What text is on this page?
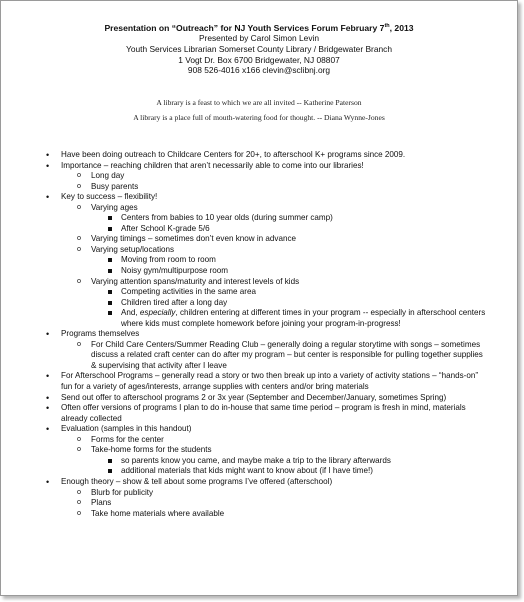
Presentation on “Outreach” for NJ Youth Services Forum February 7th, 2013
Presented by Carol Simon Levin
Youth Services Librarian Somerset County Library / Bridgewater Branch
1 Vogt Dr. Box 6700 Bridgewater, NJ 08807
908 526-4016 x166 clevin@sclibnj.org
A library is a feast to which we are all invited -- Katherine Paterson
A library is a place full of mouth-watering food for thought. -- Diana Wynne-Jones
• Have been doing outreach to Childcare Centers for 20+, to afterschool K+ programs since 2009.
• Importance – reaching children that aren’t necessarily able to come into our libraries!
o Long day
o Busy parents
• Key to success – flexibility!
o Varying ages
Centers from babies to 10 year olds (during summer camp)
After School K-grade 5/6
o Varying timings – sometimes don’t even know in advance
o Varying setup/locations
Moving from room to room
Noisy gym/multipurpose room
o Varying attention spans/maturity and interest levels of kids
Competing activities in the same area
Children tired after a long day
And, especially, children entering at different times in your program -- especially in afterschool centers where kids must complete homework before joining your program-in-progress!
• Programs themselves
o For Child Care Centers/Summer Reading Club – generally doing a regular storytime with songs – sometimes discuss a related craft center can do after my program – but center is responsible for pulling together supplies & supervising that activity after I leave
• For Afterschool Programs – generally read a story or two then break up into a variety of activity stations – “hands-on” fun for a variety of ages/interests, arrange supplies with centers and/or bring materials
• Send out offer to afterschool programs 2 or 3x year (September and December/January, sometimes Spring)
• Often offer versions of programs I plan to do in-house that same time period – program is fresh in mind, materials already collected
• Evaluation (samples in this handout)
o Forms for the center
o Take-home forms for the students
so parents know you came, and maybe make a trip to the library afterwards
additional materials that kids might want to know about (if I have time!)
• Enough theory – show & tell about some programs I’ve offered (afterschool)
o Blurb for publicity
o Plans
o Take home materials where available
